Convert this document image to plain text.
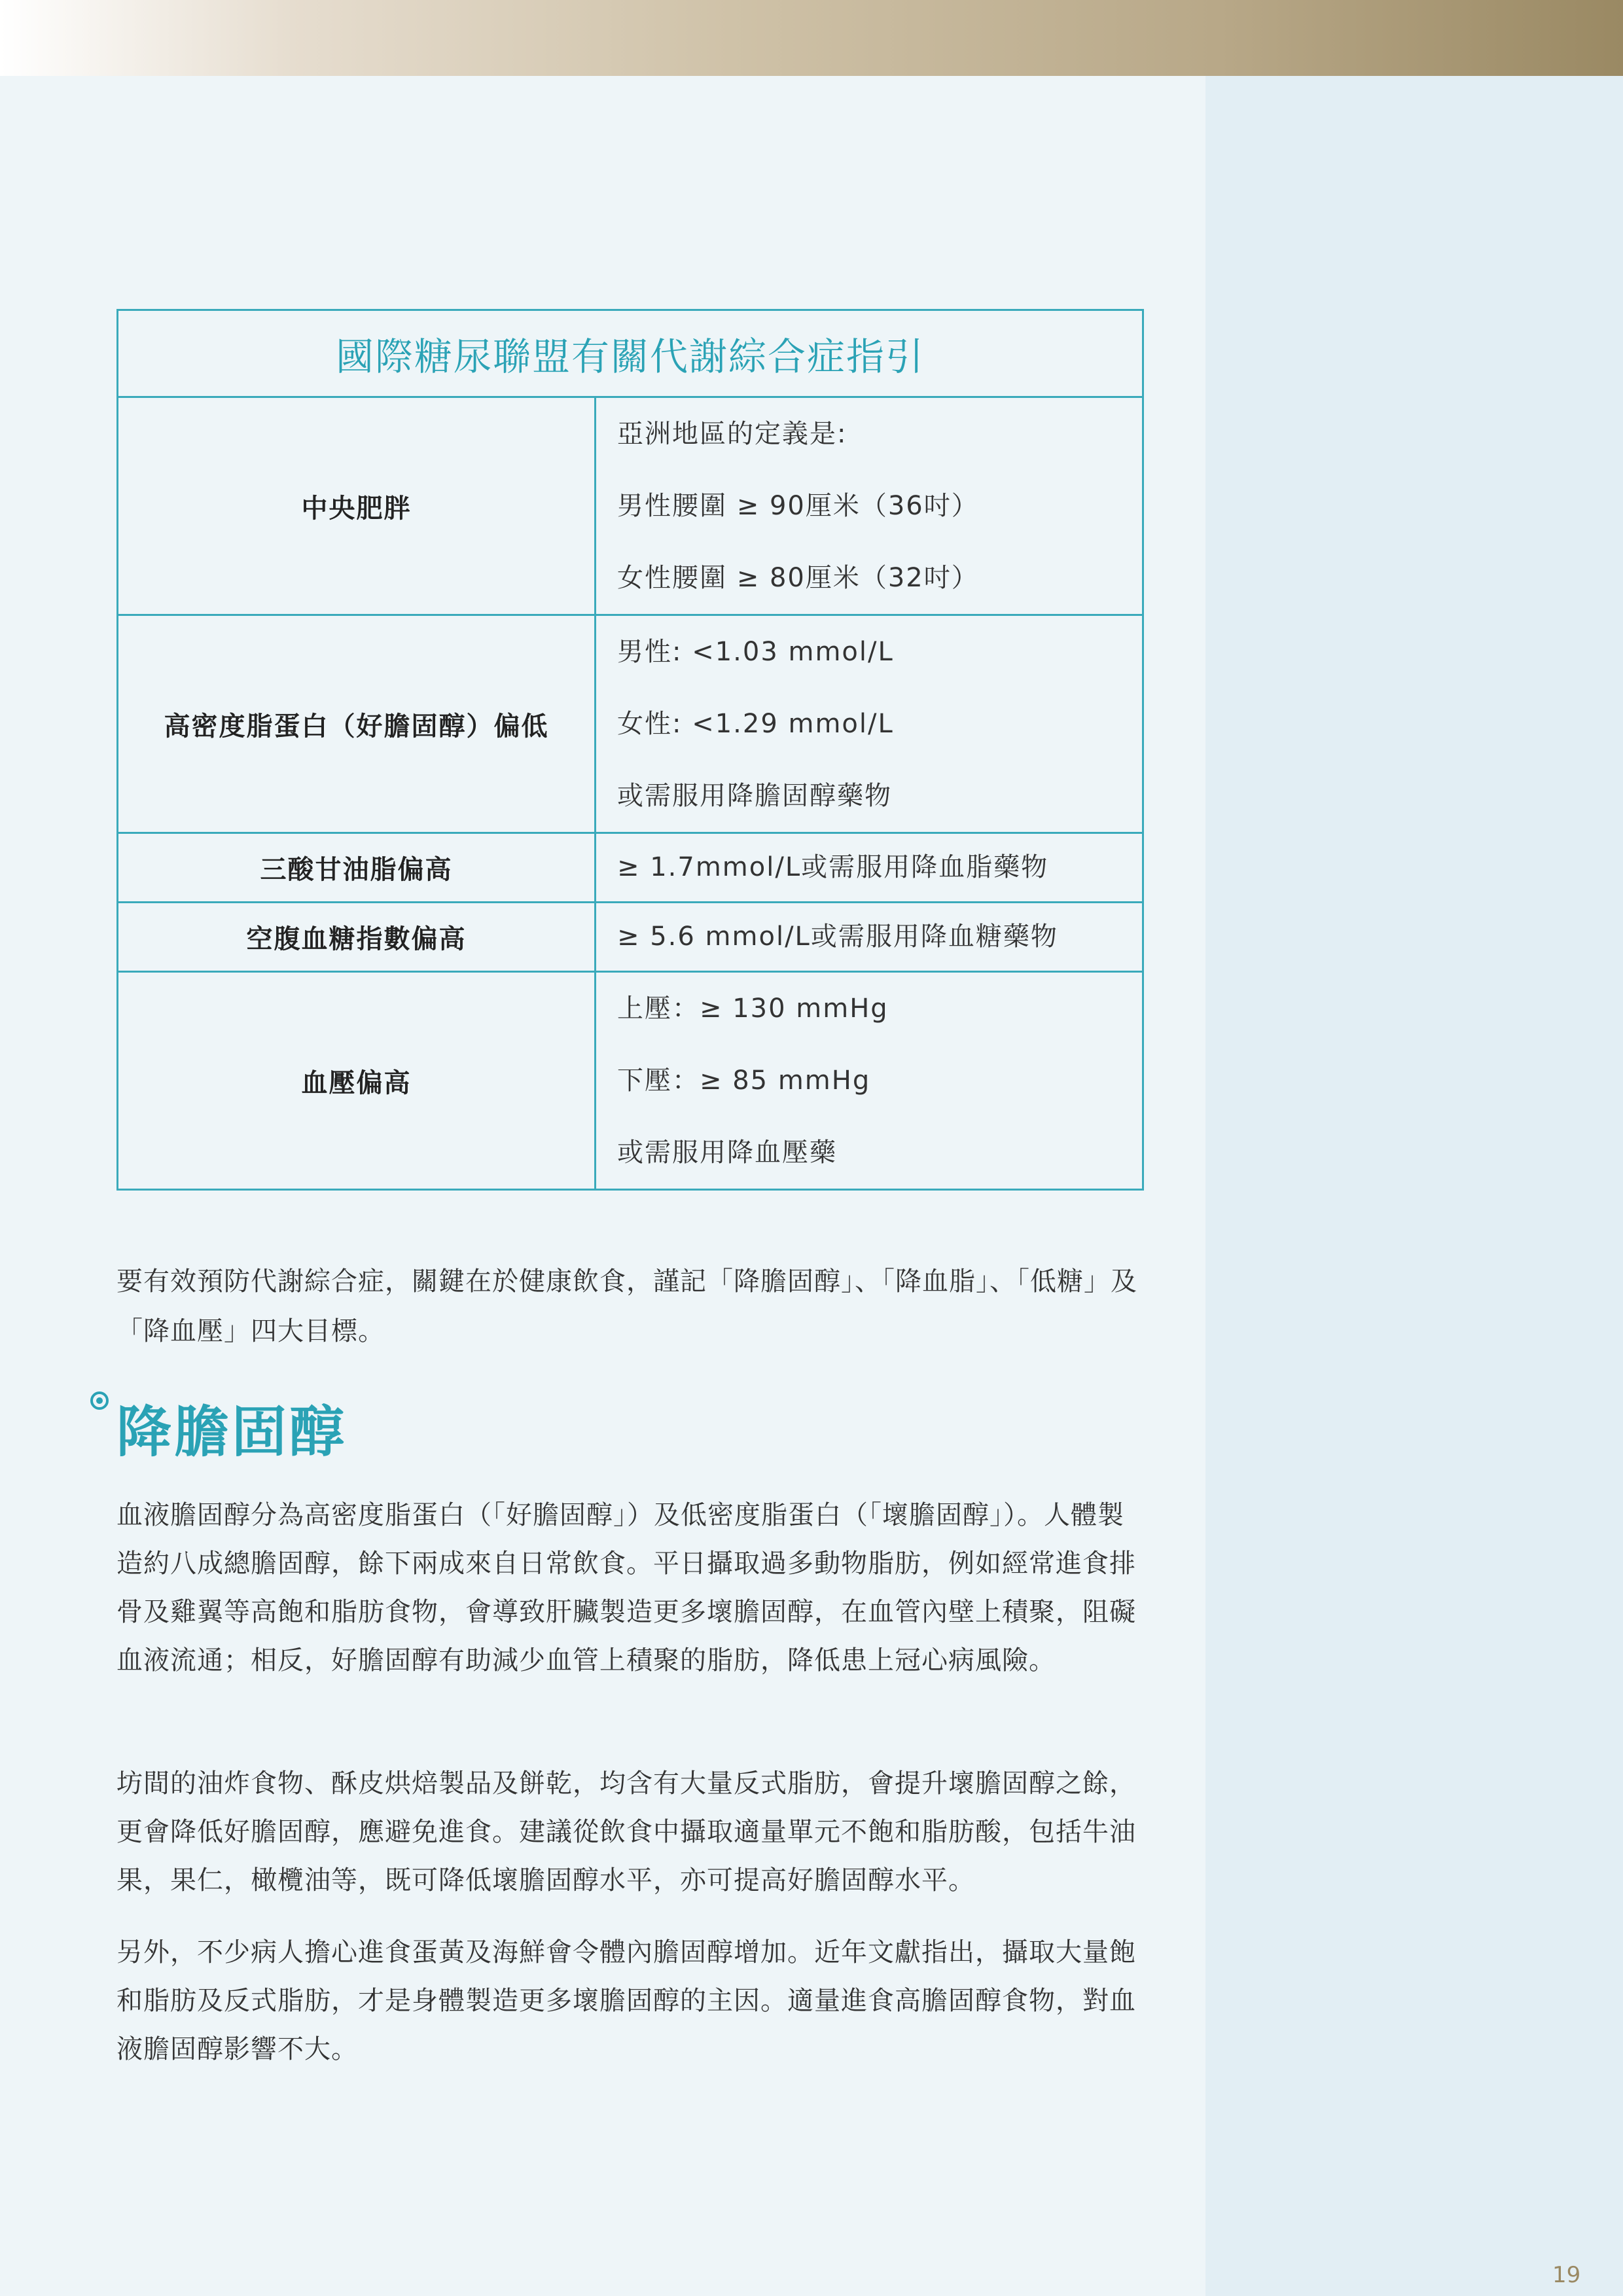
國際糖尿聯盟有關代謝綜合症指引	
中央肥胖	亞洲地區的定義是:
男性腰圍 ≥ 90厘米（36吋）
女性腰圍 ≥ 80厘米（32吋）

高密度脂蛋白（好膽固醇）偏低	男性: <1.03 mmol/L
女性: <1.29 mmol/L
或需服用降膽固醇藥物

三酸甘油脂偏高	≥ 1.7mmol/L或需服用降血脂藥物
空腹血糖指數偏高	≥ 5.6 mmol/L或需服用降血糖藥物
血壓偏高	上壓：≥ 130 mmHg
下壓：≥ 85 mmHg
或需服用降血壓藥

要有效預防代謝綜合症，關鍵在於健康飲食，謹記「降膽固醇」、「降血脂」、「低糖」及「降血壓」四大目標。

降膽固醇

血液膽固醇分為高密度脂蛋白（「好膽固醇」）及低密度脂蛋白（「壞膽固醇」）。人體製造約八成總膽固醇，餘下兩成來自日常飲食。平日攝取過多動物脂肪，例如經常進食排骨及雞翼等高飽和脂肪食物，會導致肝臟製造更多壞膽固醇，在血管內壁上積聚，阻礙血液流通；相反，好膽固醇有助減少血管上積聚的脂肪，降低患上冠心病風險。

坊間的油炸食物、酥皮烘焙製品及餅乾，均含有大量反式脂肪，會提升壞膽固醇之餘，更會降低好膽固醇，應避免進食。建議從飲食中攝取適量單元不飽和脂肪酸，包括牛油果，果仁，橄欖油等，既可降低壞膽固醇水平，亦可提高好膽固醇水平。

另外，不少病人擔心進食蛋黃及海鮮會令體內膽固醇增加。近年文獻指出，攝取大量飽和脂肪及反式脂肪，才是身體製造更多壞膽固醇的主因。適量進食高膽固醇食物，對血液膽固醇影響不大。

19
